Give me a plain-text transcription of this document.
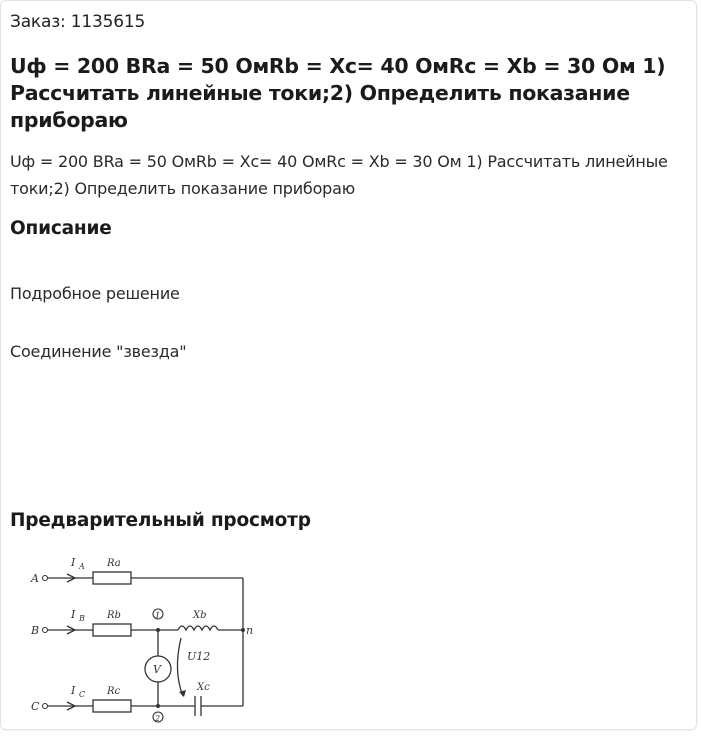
Заказ: 1135615
Uф = 200 ВRa = 50 ОмRb = Xc= 40 ОмRc = Xb = 30 Ом 1) Рассчитать линейные токи;2) Определить показание прибораю
Uф = 200 ВRa = 50 ОмRb = Xc= 40 ОмRc = Xb = 30 Ом 1) Рассчитать линейные токи;2) Определить показание прибораю
Описание
Подробное решение
Соединение "звезда"
Предварительный просмотр
A
B
C
I A
I B
I C
Ra
Rb
Rc
Xb
Xc
n
1
2
V
U12
